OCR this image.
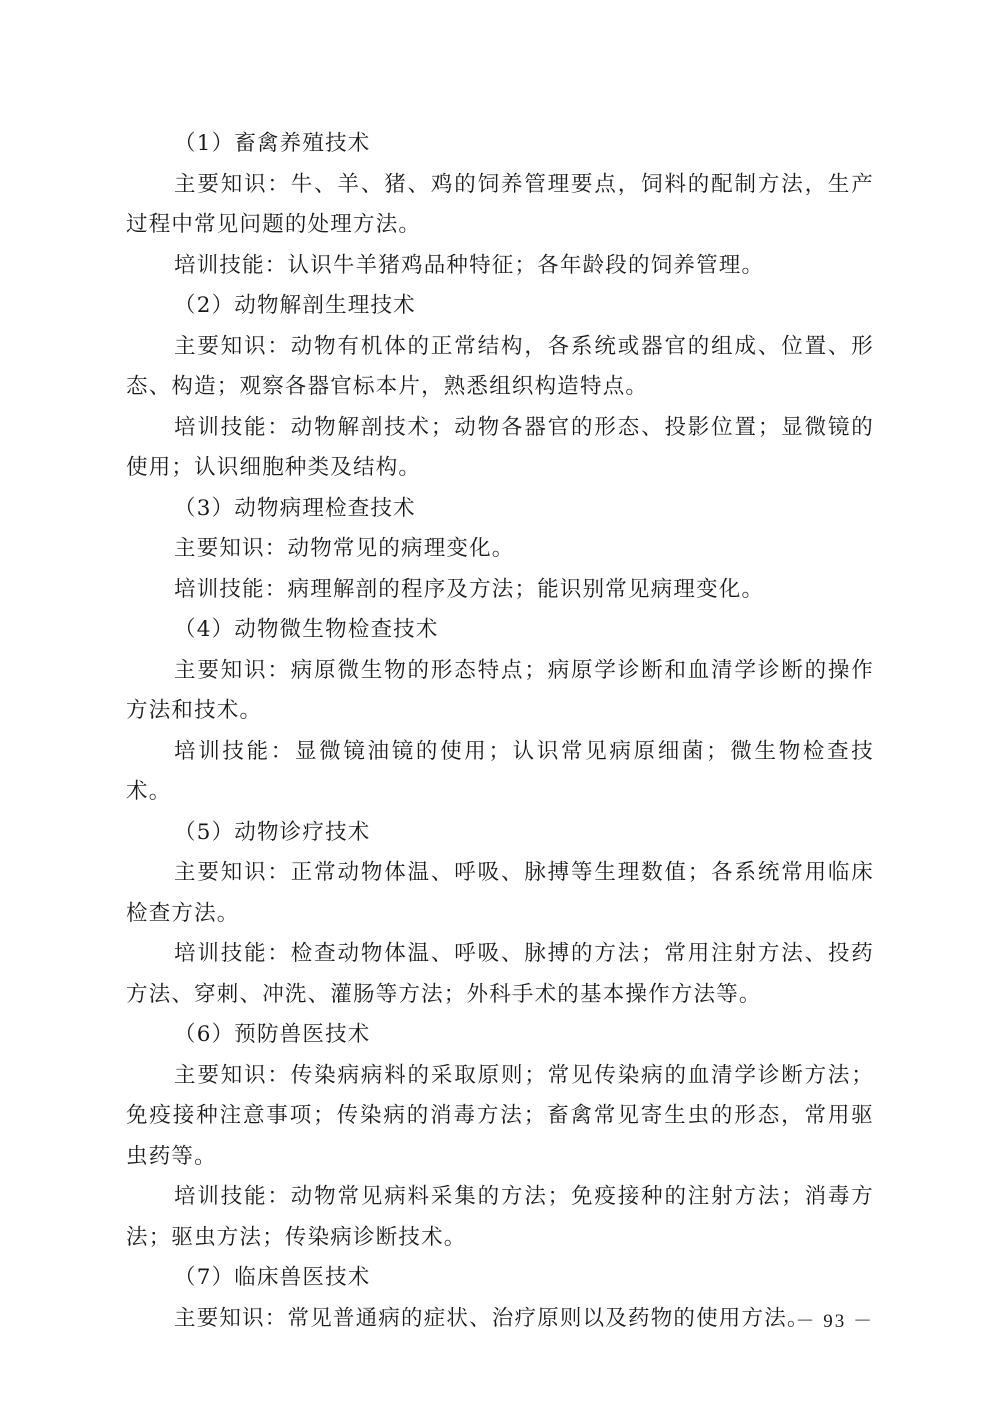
（1）畜禽养殖技术

主要知识：牛、羊、猪、鸡的饲养管理要点，饲料的配制方法，生产过程中常见问题的处理方法。

培训技能：认识牛羊猪鸡品种特征；各年龄段的饲养管理。

（2）动物解剖生理技术

主要知识：动物有机体的正常结构，各系统或器官的组成、位置、形态、构造；观察各器官标本片，熟悉组织构造特点。

培训技能：动物解剖技术；动物各器官的形态、投影位置；显微镜的使用；认识细胞种类及结构。

（3）动物病理检查技术

主要知识：动物常见的病理变化。

培训技能：病理解剖的程序及方法；能识别常见病理变化。

（4）动物微生物检查技术

主要知识：病原微生物的形态特点；病原学诊断和血清学诊断的操作方法和技术。

培训技能：显微镜油镜的使用；认识常见病原细菌；微生物检查技术。

（5）动物诊疗技术

主要知识：正常动物体温、呼吸、脉搏等生理数值；各系统常用临床检查方法。

培训技能：检查动物体温、呼吸、脉搏的方法；常用注射方法、投药方法、穿刺、冲洗、灌肠等方法；外科手术的基本操作方法等。

（6）预防兽医技术

主要知识：传染病病料的采取原则；常见传染病的血清学诊断方法；免疫接种注意事项；传染病的消毒方法；畜禽常见寄生虫的形态，常用驱虫药等。

培训技能：动物常见病料采集的方法；免疫接种的注射方法；消毒方法；驱虫方法；传染病诊断技术。

（7）临床兽医技术

主要知识：常见普通病的症状、治疗原则以及药物的使用方法。

－ 93 －
